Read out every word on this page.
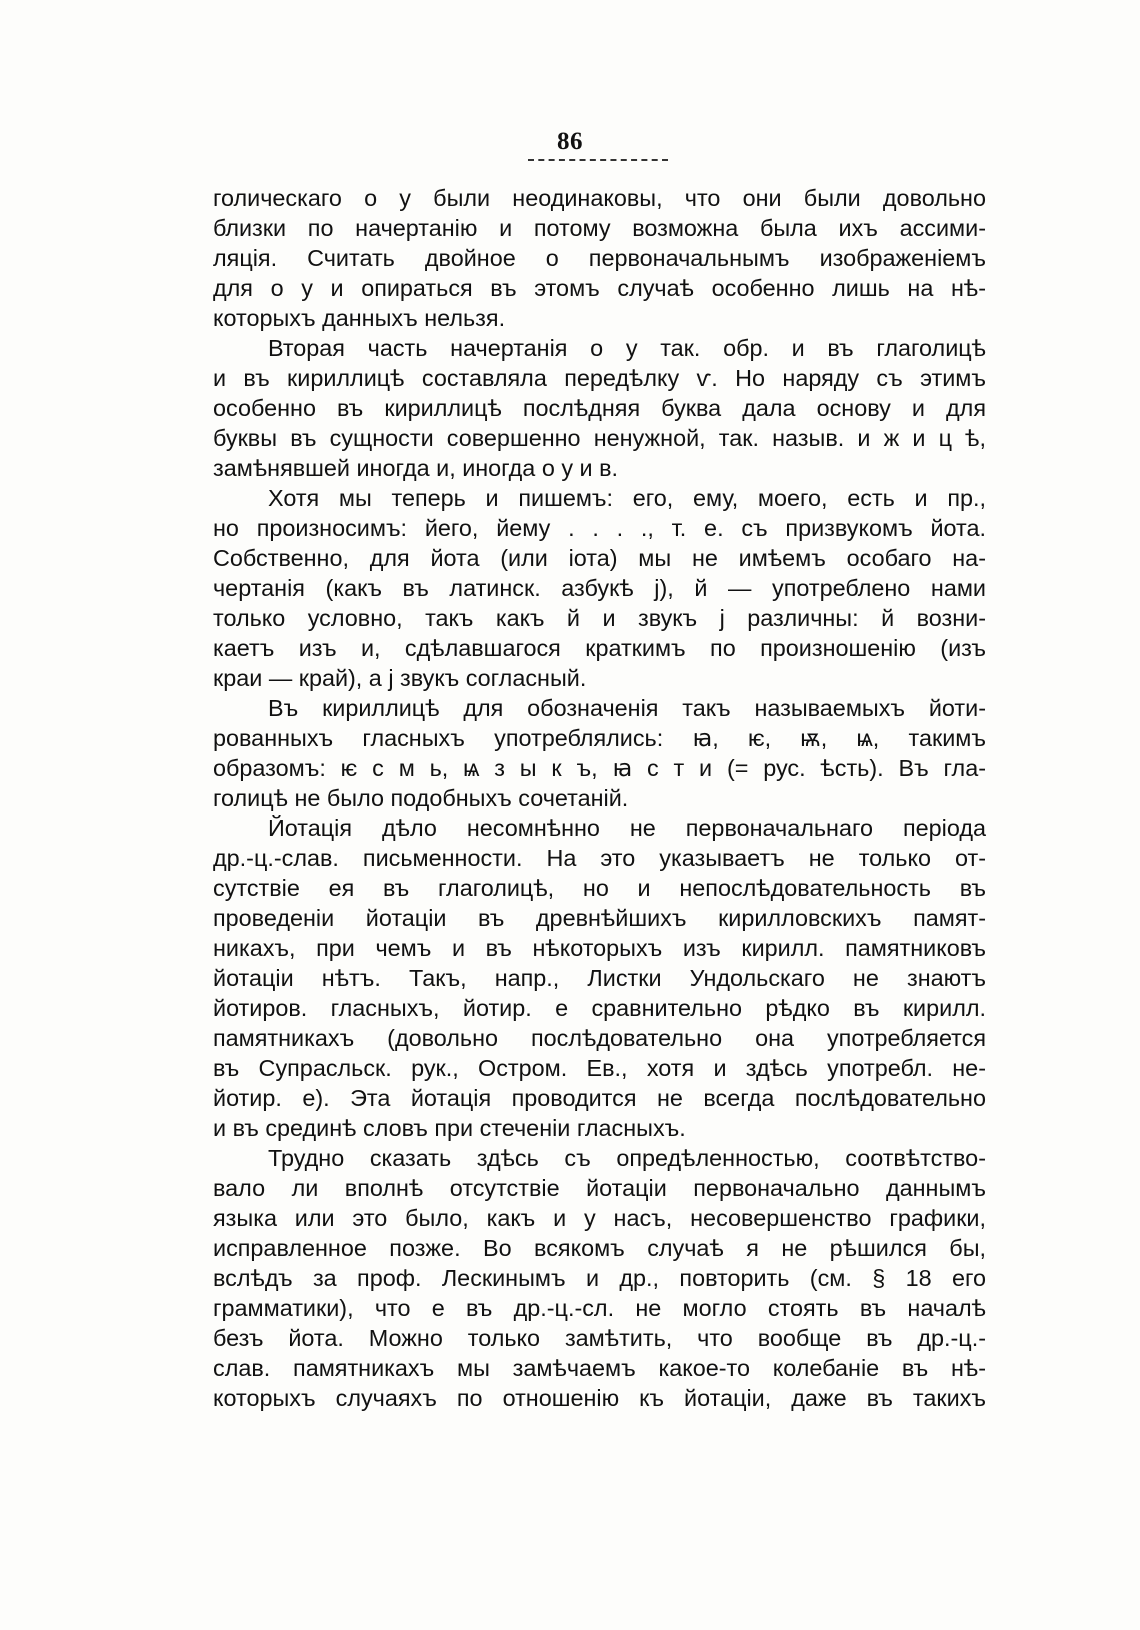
86
голическаго о у были неодинаковы, что они были довольно
близки по начертанію и потому возможна была ихъ ассими-
ляція. Считать двойное о первоначальнымъ изображеніемъ
для о у и опираться въ этомъ случаѣ особенно лишь на нѣ-
которыхъ данныхъ нельзя.
Вторая часть начертанія о у так. обр. и въ глаголицѣ
и въ кириллицѣ составляла передѣлку ѵ. Но наряду съ этимъ
особенно въ кириллицѣ послѣдняя буква дала основу и для
буквы въ сущности совершенно ненужной, так. назыв. и ж и ц ѣ,
замѣнявшей иногда и, иногда о у и в.
Хотя мы теперь и пишемъ: его, ему, моего, есть и пр.,
но произносимъ: йего, йему . . . ., т. е. съ призвукомъ йота.
Собственно, для йота (или іота) мы не имѣемъ особаго на-
чертанія (какъ въ латинск. азбукѣ j), й — употреблено нами
только условно, такъ какъ й и звукъ j различны: й возни-
каетъ изъ и, сдѣлавшагося краткимъ по произношенію (изъ
краи — край), а j звукъ согласный.
Въ кириллицѣ для обозначенія такъ называемыхъ йоти-
рованныхъ гласныхъ употреблялись: ꙗ, ѥ, ѭ, ѩ, такимъ
образомъ: ѥ с м ь, ѩ з ы к ъ, ꙗ с т и (= рус. ѣсть). Въ гла-
голицѣ не было подобныхъ сочетаній.
Йотація дѣло несомнѣнно не первоначальнаго періода
др.-ц.-слав. письменности. На это указываетъ не только от-
сутствіе ея въ глаголицѣ, но и непослѣдовательность въ
проведеніи йотаціи въ древнѣйшихъ кирилловскихъ памят-
никахъ, при чемъ и въ нѣкоторыхъ изъ кирилл. памятниковъ
йотаціи нѣтъ. Такъ, напр., Листки Ундольскаго не знаютъ
йотиров. гласныхъ, йотир. е сравнительно рѣдко въ кирилл.
памятникахъ (довольно послѣдовательно она употребляется
въ Супрасльск. рук., Остром. Ев., хотя и здѣсь употребл. не-
йотир. е). Эта йотація проводится не всегда послѣдовательно
и въ срединѣ словъ при стеченіи гласныхъ.
Трудно сказать здѣсь съ опредѣленностью, соотвѣтство-
вало ли вполнѣ отсутствіе йотаціи первоначально даннымъ
языка или это было, какъ и у насъ, несовершенство графики,
исправленное позже. Во всякомъ случаѣ я не рѣшился бы,
вслѣдъ за проф. Лескинымъ и др., повторить (см. § 18 его
грамматики), что е въ др.-ц.-сл. не могло стоять въ началѣ
безъ йота. Можно только замѣтить, что вообще въ др.-ц.-
слав. памятникахъ мы замѣчаемъ какое-то колебаніе въ нѣ-
которыхъ случаяхъ по отношенію къ йотаціи, даже въ такихъ
